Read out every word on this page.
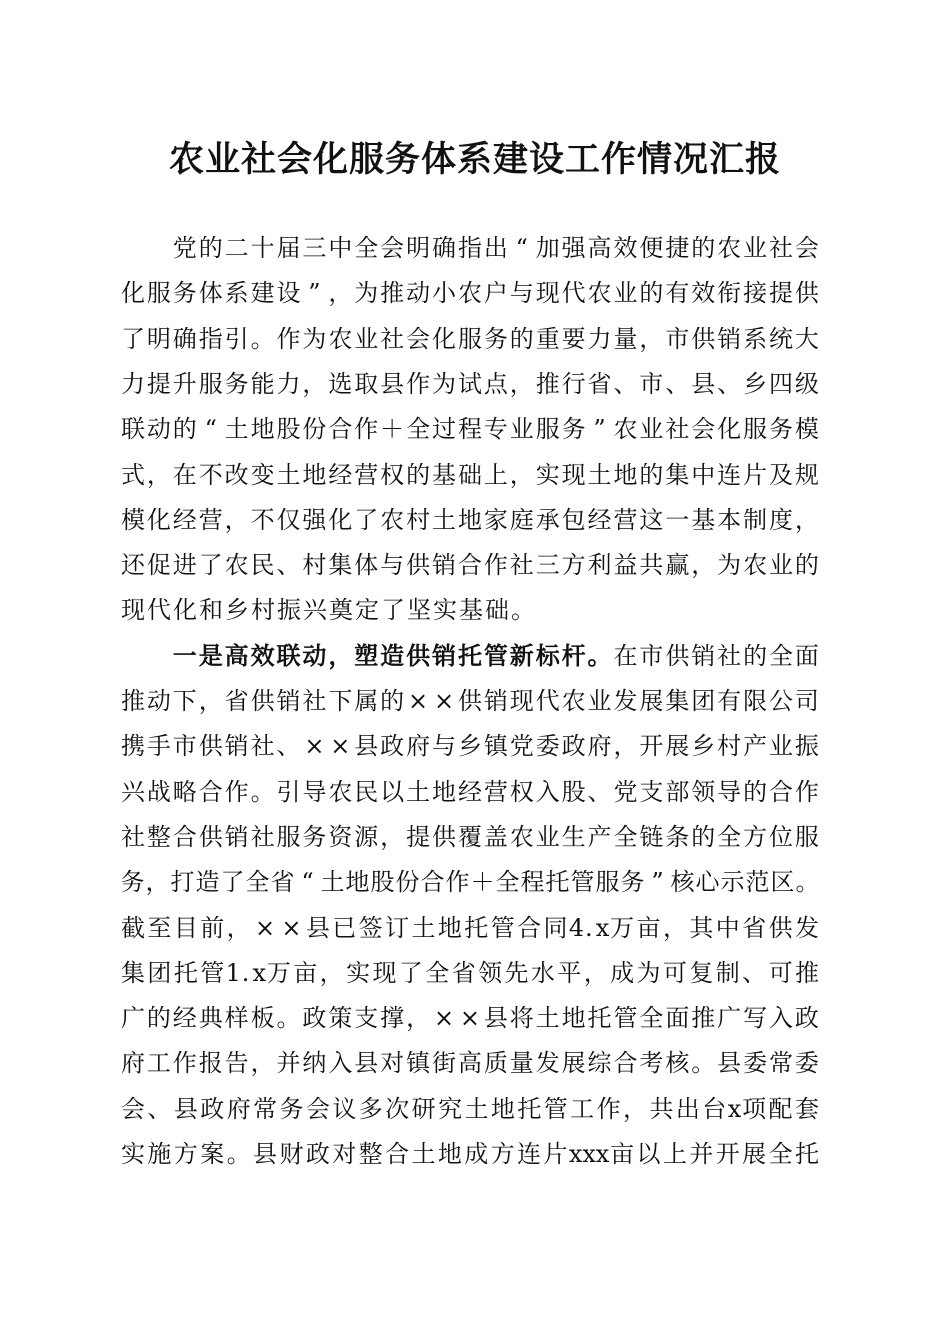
农业社会化服务体系建设工作情况汇报

党 的 二 十 届 三 中 全 会 明 确 指 出 “ 加 强 高 效 便 捷 的 农 业 社 会
化 服 务 体 系 建 设 ” ， 为 推 动 小 农 户 与 现 代 农 业 的 有 效 衔 接 提 供
了 明 确 指 引 。 作 为 农 业 社 会 化 服 务 的 重 要 力 量 ， 市 供 销 系 统 大
力 提 升 服 务 能 力 ， 选 取 县 作 为 试 点 ， 推 行 省 、 市 、 县 、 乡 四 级
联 动 的 “ 土 地 股 份 合 作 ＋ 全 过 程 专 业 服 务 ” 农 业 社 会 化 服 务 模
式 ， 在 不 改 变 土 地 经 营 权 的 基 础 上 ， 实 现 土 地 的 集 中 连 片 及 规
模 化 经 营 ， 不 仅 强 化 了 农 村 土 地 家 庭 承 包 经 营 这 一 基 本 制 度 ，
还 促 进 了 农 民 、 村 集 体 与 供 销 合 作 社 三 方 利 益 共 赢 ， 为 农 业 的
现 代 化 和 乡 村 振 兴 奠 定 了 坚 实 基 础 。

一 是 高 效 联 动 ， 塑 造 供 销 托 管 新 标 杆 。 在 市 供 销 社 的 全 面
推 动 下 ， 省 供 销 社 下 属 的 × × 供 销 现 代 农 业 发 展 集 团 有 限 公 司
携 手 市 供 销 社 、 × × 县 政 府 与 乡 镇 党 委 政 府 ， 开 展 乡 村 产 业 振
兴 战 略 合 作 。 引 导 农 民 以 土 地 经 营 权 入 股 、 党 支 部 领 导 的 合 作
社 整 合 供 销 社 服 务 资 源 ， 提 供 覆 盖 农 业 生 产 全 链 条 的 全 方 位 服
务 ， 打 造 了 全 省 “ 土 地 股 份 合 作 ＋ 全 程 托 管 服 务 ” 核 心 示 范 区 。
截 至 目 前 ， × × 县 已 签 订 土 地 托 管 合 同 4 . x 万 亩 ， 其 中 省 供 发
集 团 托 管 1 . x 万 亩 ， 实 现 了 全 省 领 先 水 平 ， 成 为 可 复 制 、 可 推
广 的 经 典 样 板 。 政 策 支 撑 ， × × 县 将 土 地 托 管 全 面 推 广 写 入 政
府 工 作 报 告 ， 并 纳 入 县 对 镇 街 高 质 量 发 展 综 合 考 核 。 县 委 常 委
会 、 县 政 府 常 务 会 议 多 次 研 究 土 地 托 管 工 作 ， 共 出 台 x 项 配 套
实 施 方 案 。 县 财 政 对 整 合 土 地 成 方 连 片 x x x 亩 以 上 并 开 展 全 托
